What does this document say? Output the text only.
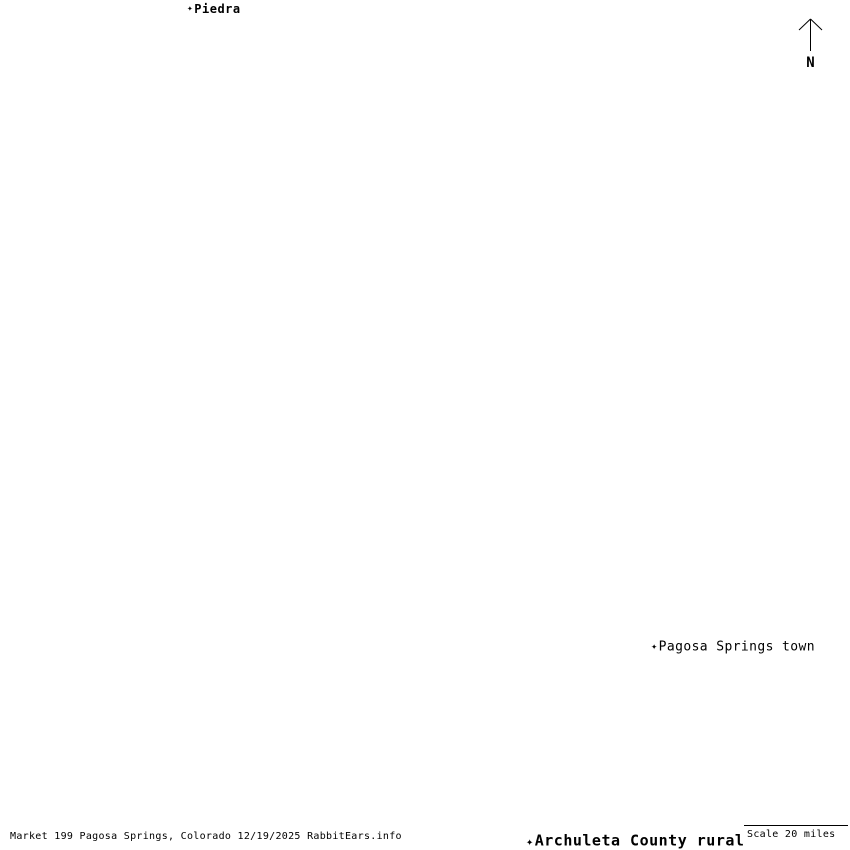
✦ Piedra
✦ Pagosa Springs town
✦ Archuleta County rural
N
Market 199 Pagosa Springs, Colorado 12/19/2025 RabbitEars.info	Scale 20 miles
